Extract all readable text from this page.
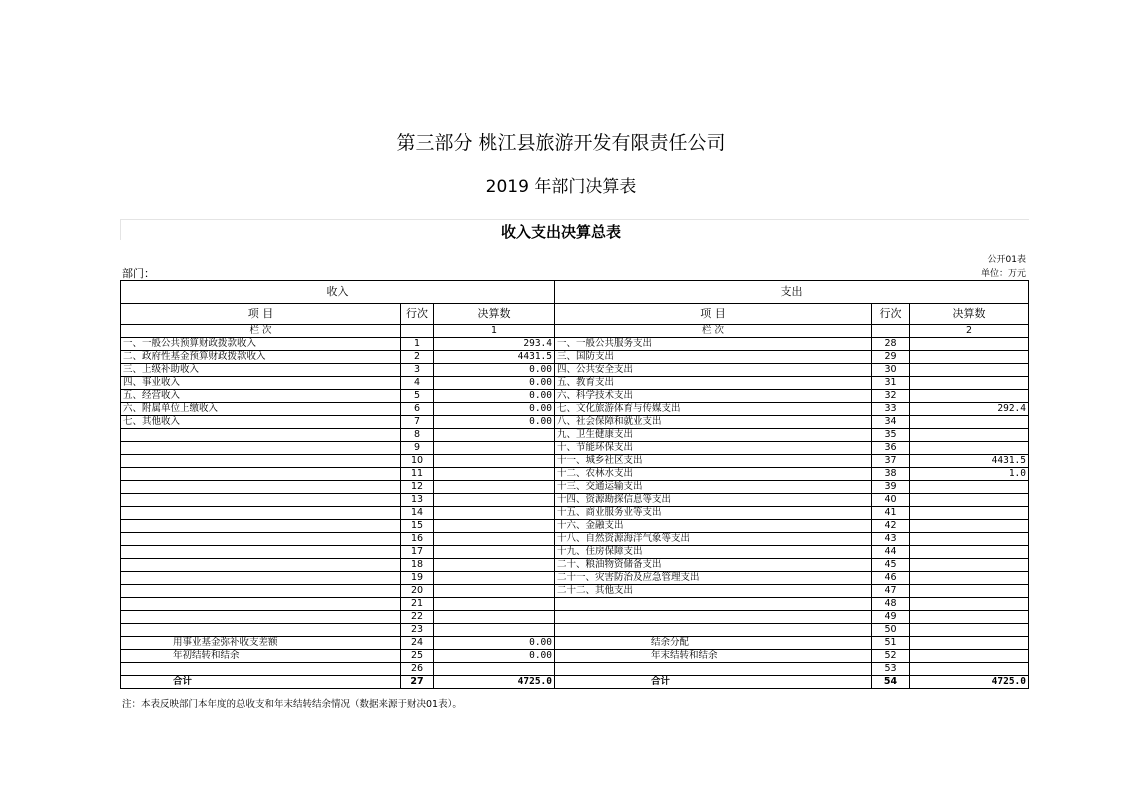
第三部分 桃江县旅游开发有限责任公司
2019 年部门决算表
收入支出决算总表
公开01表
单位：万元
部门：
收入			支出		
项 目	行次	决算数	项 目	行次	决算数
栏 次		1	栏 次		2
一、一般公共预算财政拨款收入	1	293.4	一、一般公共服务支出	28	
二、政府性基金预算财政拨款收入	2	4431.5	三、国防支出	29	
三、上级补助收入	3	0.00	四、公共安全支出	30	
四、事业收入	4	0.00	五、教育支出	31	
五、经营收入	5	0.00	六、科学技术支出	32	
六、附属单位上缴收入	6	0.00	七、文化旅游体育与传媒支出	33	292.4
七、其他收入	7	0.00	八、社会保障和就业支出	34	
	8		九、卫生健康支出	35	
	9		十、节能环保支出	36	
	10		十一、城乡社区支出	37	4431.5
	11		十二、农林水支出	38	1.0
	12		十三、交通运输支出	39	
	13		十四、资源勘探信息等支出	40	
	14		十五、商业服务业等支出	41	
	15		十六、金融支出	42	
	16		十八、自然资源海洋气象等支出	43	
	17		十九、住房保障支出	44	
	18		二十、粮油物资储备支出	45	
	19		二十一、灾害防治及应急管理支出	46	
	20		二十二、其他支出	47	
	21			48	
	22			49	
	23			50	
用事业基金弥补收支差额	24	0.00	结余分配	51	
年初结转和结余	25	0.00	年末结转和结余	52	
	26			53	
合计	27	4725.0	合计	54	4725.0
注：本表反映部门本年度的总收支和年末结转结余情况（数据来源于财决01表）。
